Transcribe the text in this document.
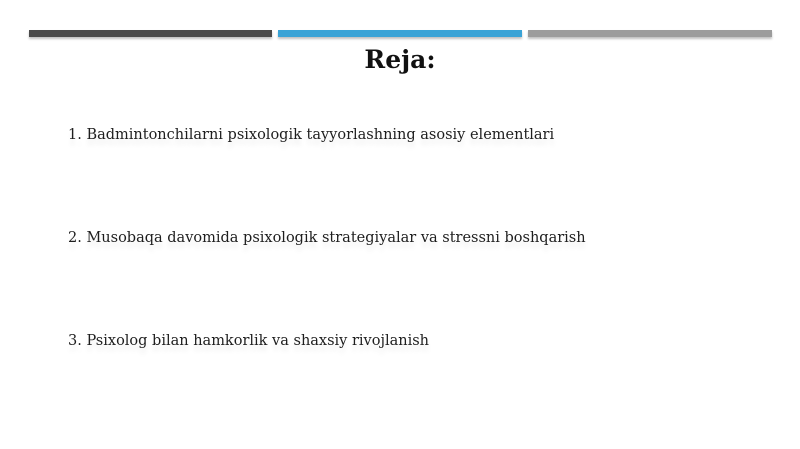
Reja:
1. Badmintonchilarni psixologik tayyorlashning asosiy elementlari
2. Musobaqa davomida psixologik strategiyalar va stressni boshqarish
3. Psixolog bilan hamkorlik va shaxsiy rivojlanish
